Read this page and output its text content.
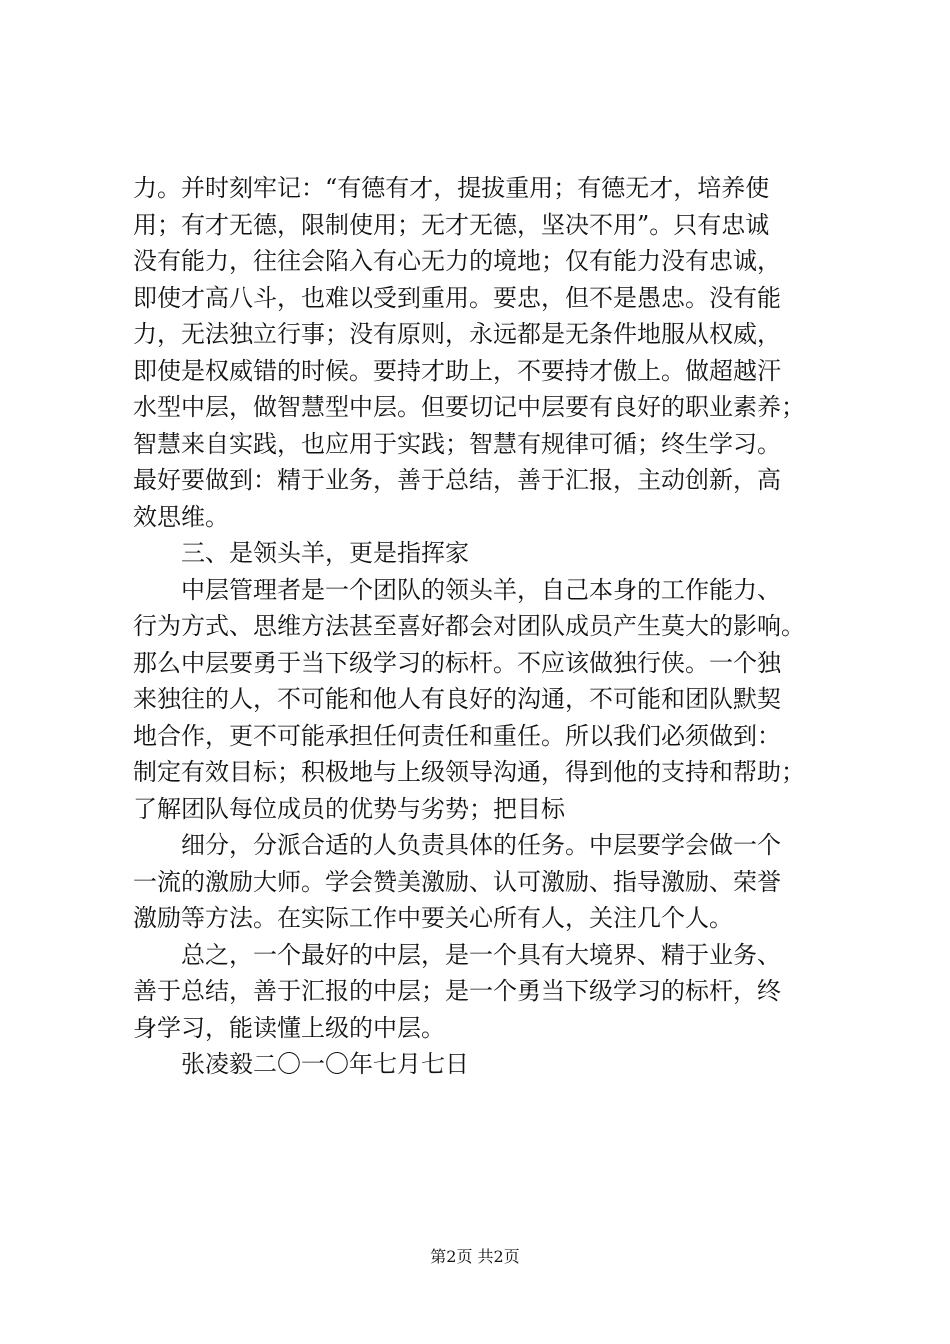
力。并时刻牢记：“有德有才，提拔重用；有德无才，培养使
用；有才无德，限制使用；无才无德，坚决不用”。只有忠诚
没有能力，往往会陷入有心无力的境地；仅有能力没有忠诚，
即使才高八斗，也难以受到重用。要忠，但不是愚忠。没有能
力，无法独立行事；没有原则，永远都是无条件地服从权威，
即使是权威错的时候。要持才助上，不要持才傲上。做超越汗
水型中层，做智慧型中层。但要切记中层要有良好的职业素养；
智慧来自实践，也应用于实践；智慧有规律可循；终生学习。
最好要做到：精于业务，善于总结，善于汇报，主动创新，高
效思维。

三、是领头羊，更是指挥家

中层管理者是一个团队的领头羊，自己本身的工作能力、
行为方式、思维方法甚至喜好都会对团队成员产生莫大的影响。
那么中层要勇于当下级学习的标杆。不应该做独行侠。一个独
来独往的人，不可能和他人有良好的沟通，不可能和团队默契
地合作，更不可能承担任何责任和重任。所以我们必须做到：
制定有效目标；积极地与上级领导沟通，得到他的支持和帮助；
了解团队每位成员的优势与劣势；把目标

细分，分派合适的人负责具体的任务。中层要学会做一个
一流的激励大师。学会赞美激励、认可激励、指导激励、荣誉
激励等方法。在实际工作中要关心所有人，关注几个人。

总之，一个最好的中层，是一个具有大境界、精于业务、
善于总结，善于汇报的中层；是一个勇当下级学习的标杆，终
身学习，能读懂上级的中层。

张凌毅二〇一〇年七月七日

第2页 共2页
